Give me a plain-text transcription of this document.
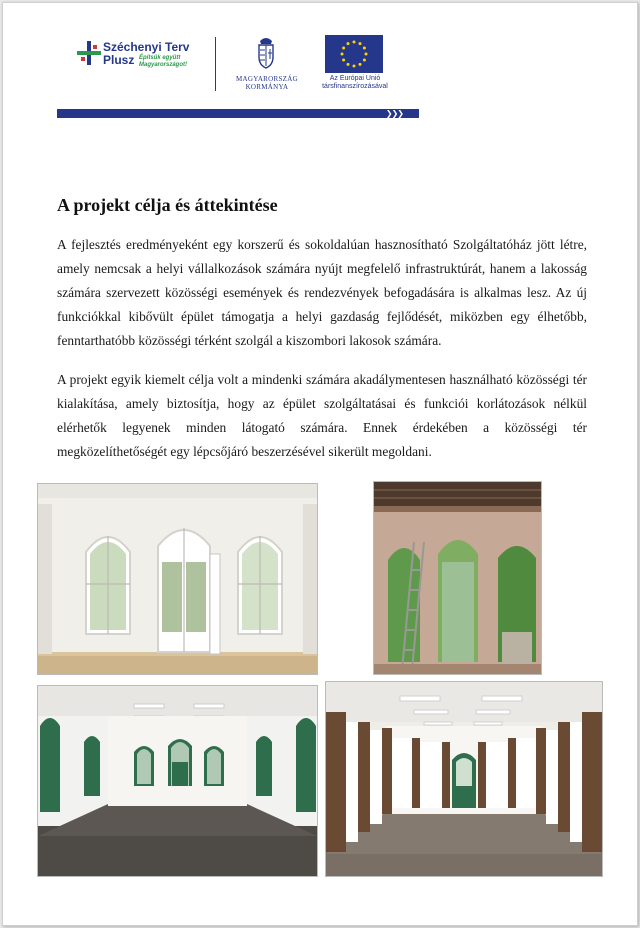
Széchenyi Terv
Plusz Építsük együtt Magyarországot!
MAGYARORSZÁG KORMÁNYA
Az Európai Unió társfinanszírozásával
❯❯❯
A projekt célja és áttekintése

A fejlesztés eredményeként egy korszerű és sokoldalúan hasznosítható Szolgáltatóház jött létre, amely nemcsak a helyi vállalkozások számára nyújt megfelelő infrastruktúrát, hanem a lakosság számára szervezett közösségi események és rendezvények befogadására is alkalmas lesz. Az új funkciókkal kibővült épület támogatja a helyi gazdaság fejlődését, miközben egy élhetőbb, fenntarthatóbb közösségi térként szolgál a kiszombori lakosok számára.

A projekt egyik kiemelt célja volt a mindenki számára akadálymentesen használható közösségi tér kialakítása, amely biztosítja, hogy az épület szolgáltatásai és funkciói korlátozások nélkül elérhetők legyenek minden látogató számára. Ennek érdekében a közösségi tér megközelíthetőségét egy lépcsőjáró beszerzésével sikerült megoldani.
